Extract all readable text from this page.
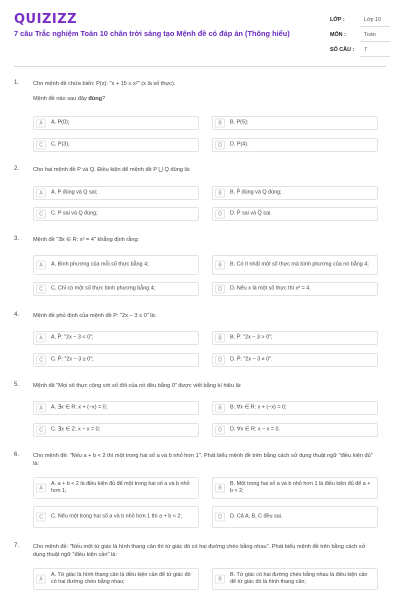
QUIZIZZ
7 câu Trắc nghiệm Toán 10 chân trời sáng tạo Mệnh đề có đáp án (Thông hiểu)
LỚP :	Lớp 10
MÔN :	Toán
SỐ CÂU : 7
1. Cho mệnh đề chứa biến: P(x): "x + 15 ≤ x²" (x là số thực).
Mệnh đề nào sau đây đúng?
A	A. P(0);	B	B. P(5);
C	C. P(3);	D	D. P(4).
2. Cho hai mệnh đề P và Q. Điều kiện để mệnh đề P ⋃ Q đúng là:
A	A. P đúng và Q sai;	B	B. P̄ đúng và Q đúng;
C	C. P sai và Q đúng;	D	D. P̄ sai và Q̄ sai.
3. Mệnh đề "∃x ∈ R: x² = 4" khẳng định rằng:
A	A. Bình phương của mỗi số thực bằng 4;	B	B. Có ít nhất một số thực mà bình phương của nó bằng 4;
C	C. Chỉ có một số thực bình phương bằng 4;	D	D. Nếu x là một số thực thì x² = 4.
4. Mệnh đề phủ định của mệnh đề P: "2x − 3 ≤ 0" là:
A	A. P̄: "2x − 3 < 0";	B	B. P̄: "2x − 3 > 0";
C	C. P̄: "2x − 3 ≥ 0";	D	D. P̄: "2x − 3 ≠ 0".
5. Mệnh đề "Mọi số thực cộng với số đối của nó đều bằng 0" được viết bằng kí hiệu là:
A	A. ∃x ∈ R: x + (−x) = 0;	B	B. ∀x ∈ R: x + (−x) = 0;
C	C. ∃x ∈ Z: x − x = 0;	D	D. ∀x ∈ R: x − x = 0.
6. Cho mệnh đề: "Nếu a + b < 2 thì một trong hai số a và b nhỏ hơn 1". Phát biểu mệnh đề trên bằng cách sử dụng thuật ngữ "điều kiện đủ" là:
A
A. a + b < 2 là điều kiện đủ để một trong hai số a và b nhỏ hơn 1;	B
B. Một trong hai số a và b nhỏ hơn 1 là điều kiện đủ để a + b < 2;
C	C. Nếu một trong hai số a và b nhỏ hơn 1 thì a + b < 2;	D	D. Cả A, B, C đều sai.
7. Cho mệnh đề: "Nếu một tứ giác là hình thang cân thì tứ giác đó có hai đường chéo bằng nhau". Phát biểu mệnh đề trên bằng cách sử dụng thuật ngữ "điều kiện cần" là:
A
A. Tứ giác là hình thang cân là điều kiện cần để tứ giác đó có hai đường chéo bằng nhau;	B
B. Tứ giác có hai đường chéo bằng nhau là điều kiện cần để tứ giác đó là hình thang cân;
